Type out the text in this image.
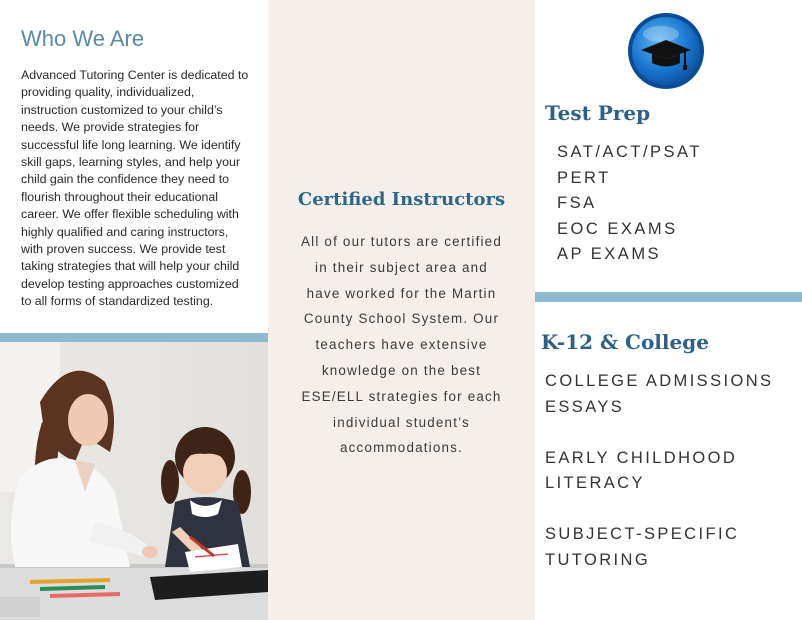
Who We Are

Advanced Tutoring Center is dedicated to providing quality, individualized, instruction customized to your child’s needs. We provide strategies for successful life long learning. We identify skill gaps, learning styles, and help your child gain the confidence they need to flourish throughout their educational career. We offer flexible scheduling with highly qualified and caring instructors, with proven success. We provide test taking strategies that will help your child develop testing approaches customized to all forms of standardized testing.

Certified Instructors

All of our tutors are certified in their subject area and have worked for the Martin County School System. Our teachers have extensive knowledge on the best ESE/ELL strategies for each individual student’s accommodations.

Test Prep
SAT/ACT/PSAT
PERT
FSA
EOC EXAMS
AP EXAMS
K-12 & College
COLLEGE ADMISSIONS ESSAYS
EARLY CHILDHOOD LITERACY
SUBJECT-SPECIFIC TUTORING
